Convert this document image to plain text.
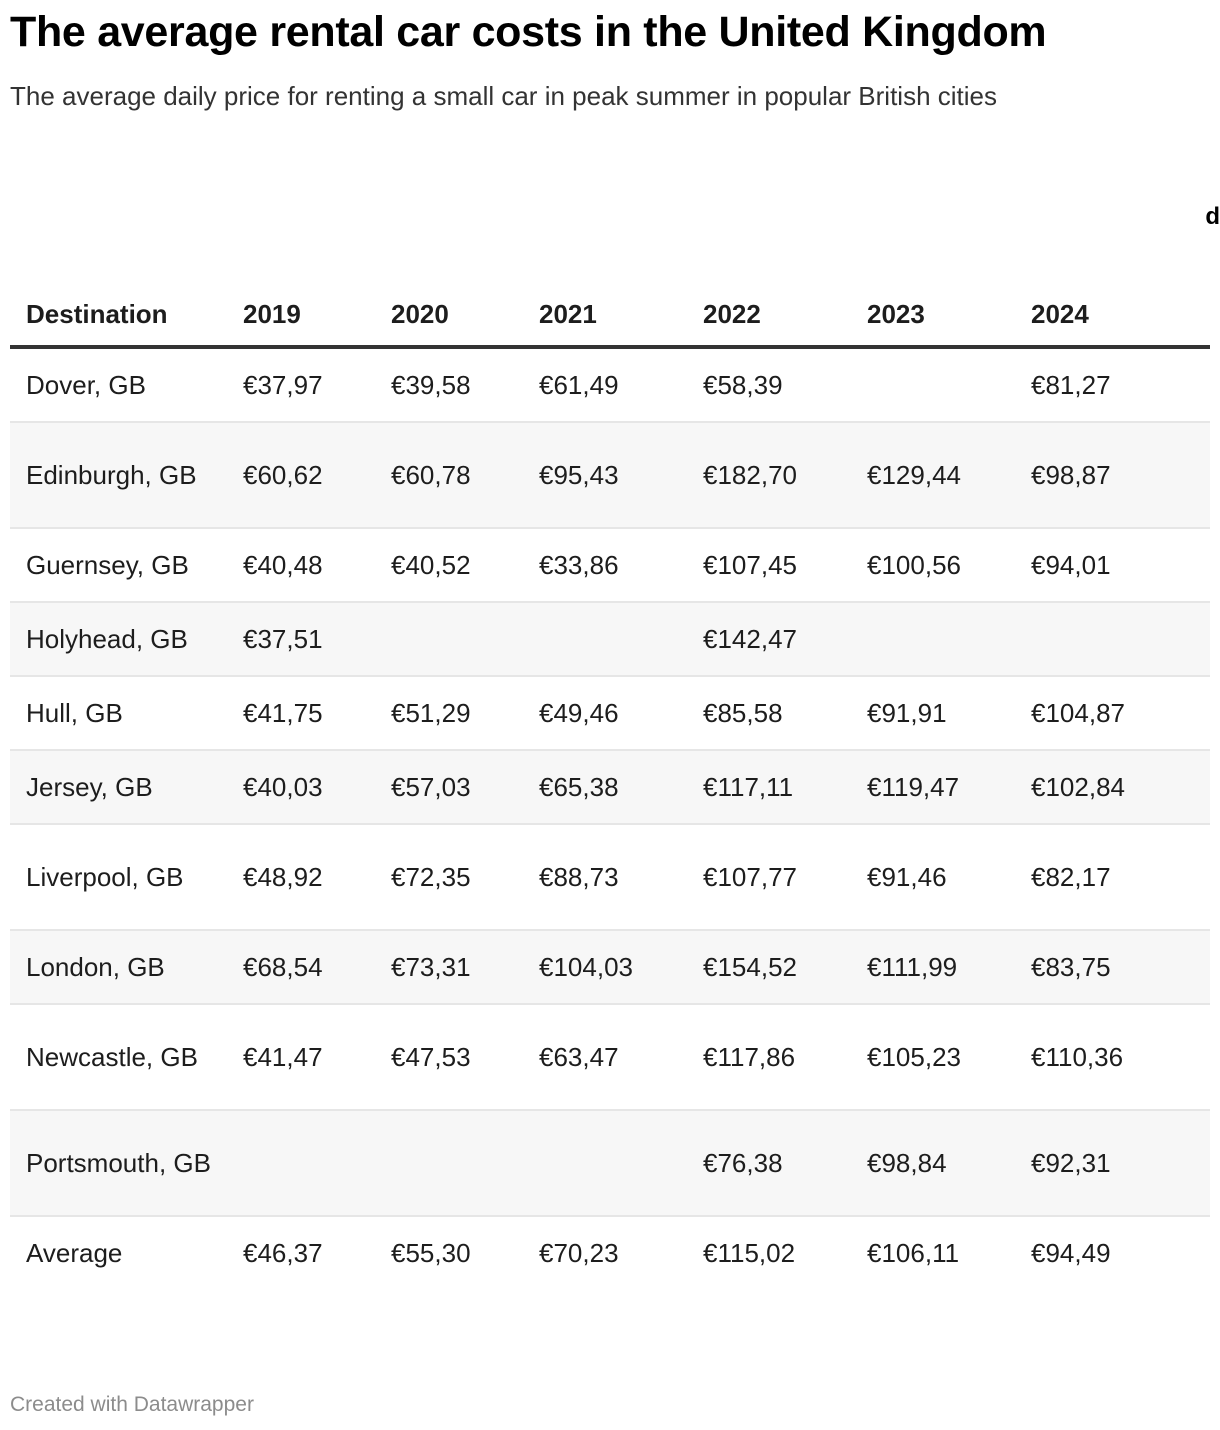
The average rental car costs in the United Kingdom

The average daily price for renting a small car in peak summer in popular British cities

d
Destination	2019	2020	2021	2022	2023	2024
Dover, GB	€37,97	€39,58	€61,49	€58,39		€81,27
Edinburgh, GB	€60,62	€60,78	€95,43	€182,70	€129,44	€98,87
Guernsey, GB	€40,48	€40,52	€33,86	€107,45	€100,56	€94,01
Holyhead, GB	€37,51			€142,47		
Hull, GB	€41,75	€51,29	€49,46	€85,58	€91,91	€104,87
Jersey, GB	€40,03	€57,03	€65,38	€117,11	€119,47	€102,84
Liverpool, GB	€48,92	€72,35	€88,73	€107,77	€91,46	€82,17
London, GB	€68,54	€73,31	€104,03	€154,52	€111,99	€83,75
Newcastle, GB	€41,47	€47,53	€63,47	€117,86	€105,23	€110,36
Portsmouth, GB				€76,38	€98,84	€92,31
Average	€46,37	€55,30	€70,23	€115,02	€106,11	€94,49
Created with Datawrapper
